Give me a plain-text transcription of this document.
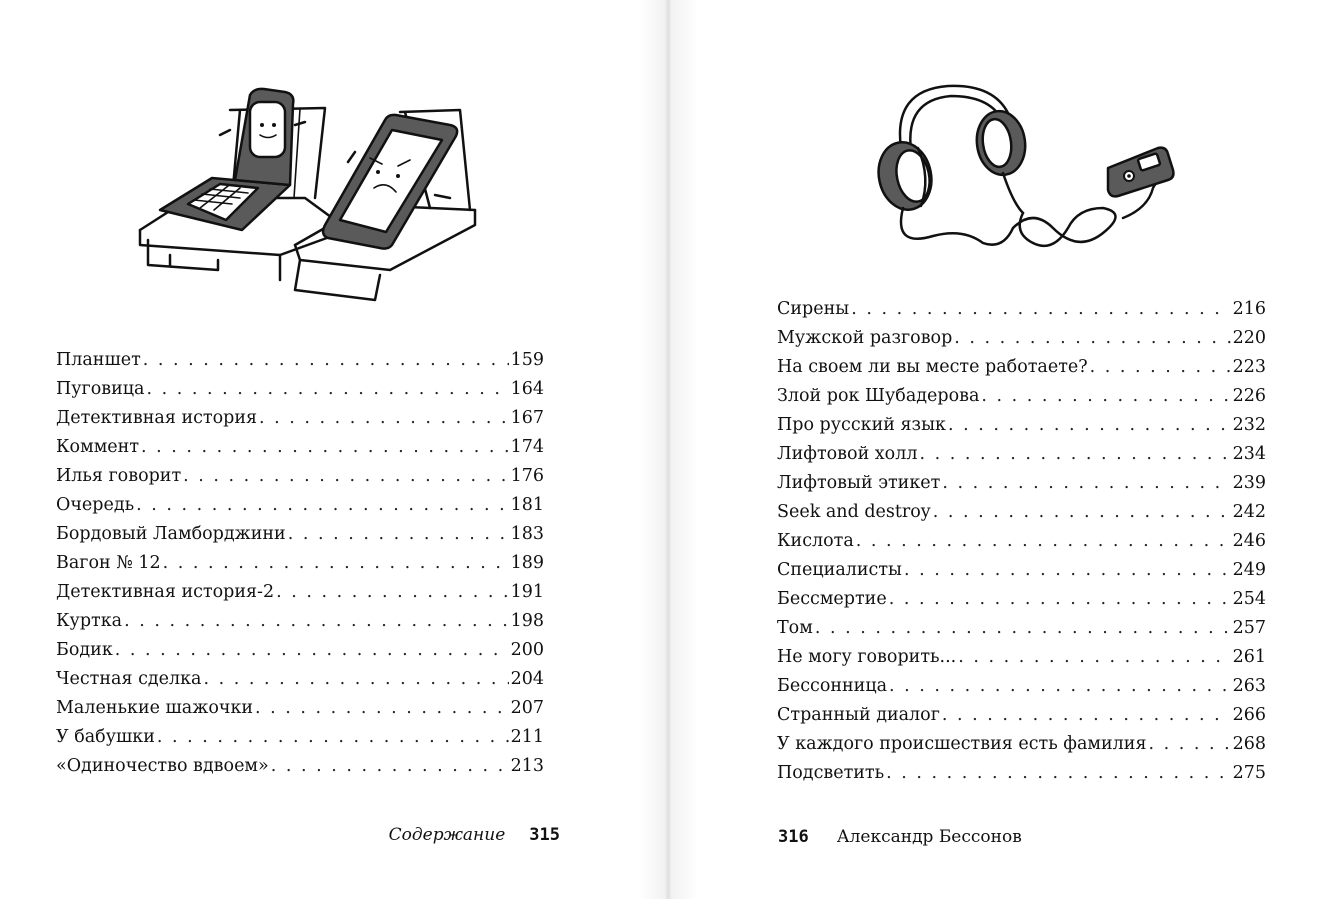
Планшет . . .	159
Пуговица . . .	164
Детективная история . . .	167
Коммент . . .	174
Илья говорит . . .	176
Очередь . . .	181
Бордовый Ламборджини . . .	183
Вагон № 12 . . .	189
Детективная история-2 . . .	191
Куртка . . .	198
Бодик . . .	200
Честная сделка . . .	204
Маленькие шажочки . . .	207
У бабушки . . .	211
«Одиночество вдвоем» . . .	213
Содержание 315
Сирены . . .	216
Мужской разговор . . .	220
На своем ли вы месте работаете? . . .	223
Злой рок Шубадерова . . .	226
Про русский язык . . .	232
Лифтовой холл . . .	234
Лифтовый этикет . . .	239
Seek and destroy . . .	242
Кислота . . .	246
Специалисты . . .	249
Бессмертие . . .	254
Том . . .	257
Не могу говорить... . . .	261
Бессонница . . .	263
Странный диалог . . .	266
У каждого происшествия есть фамилия . . .	268
Подсветить . . .	275
316 Александр Бессонов
